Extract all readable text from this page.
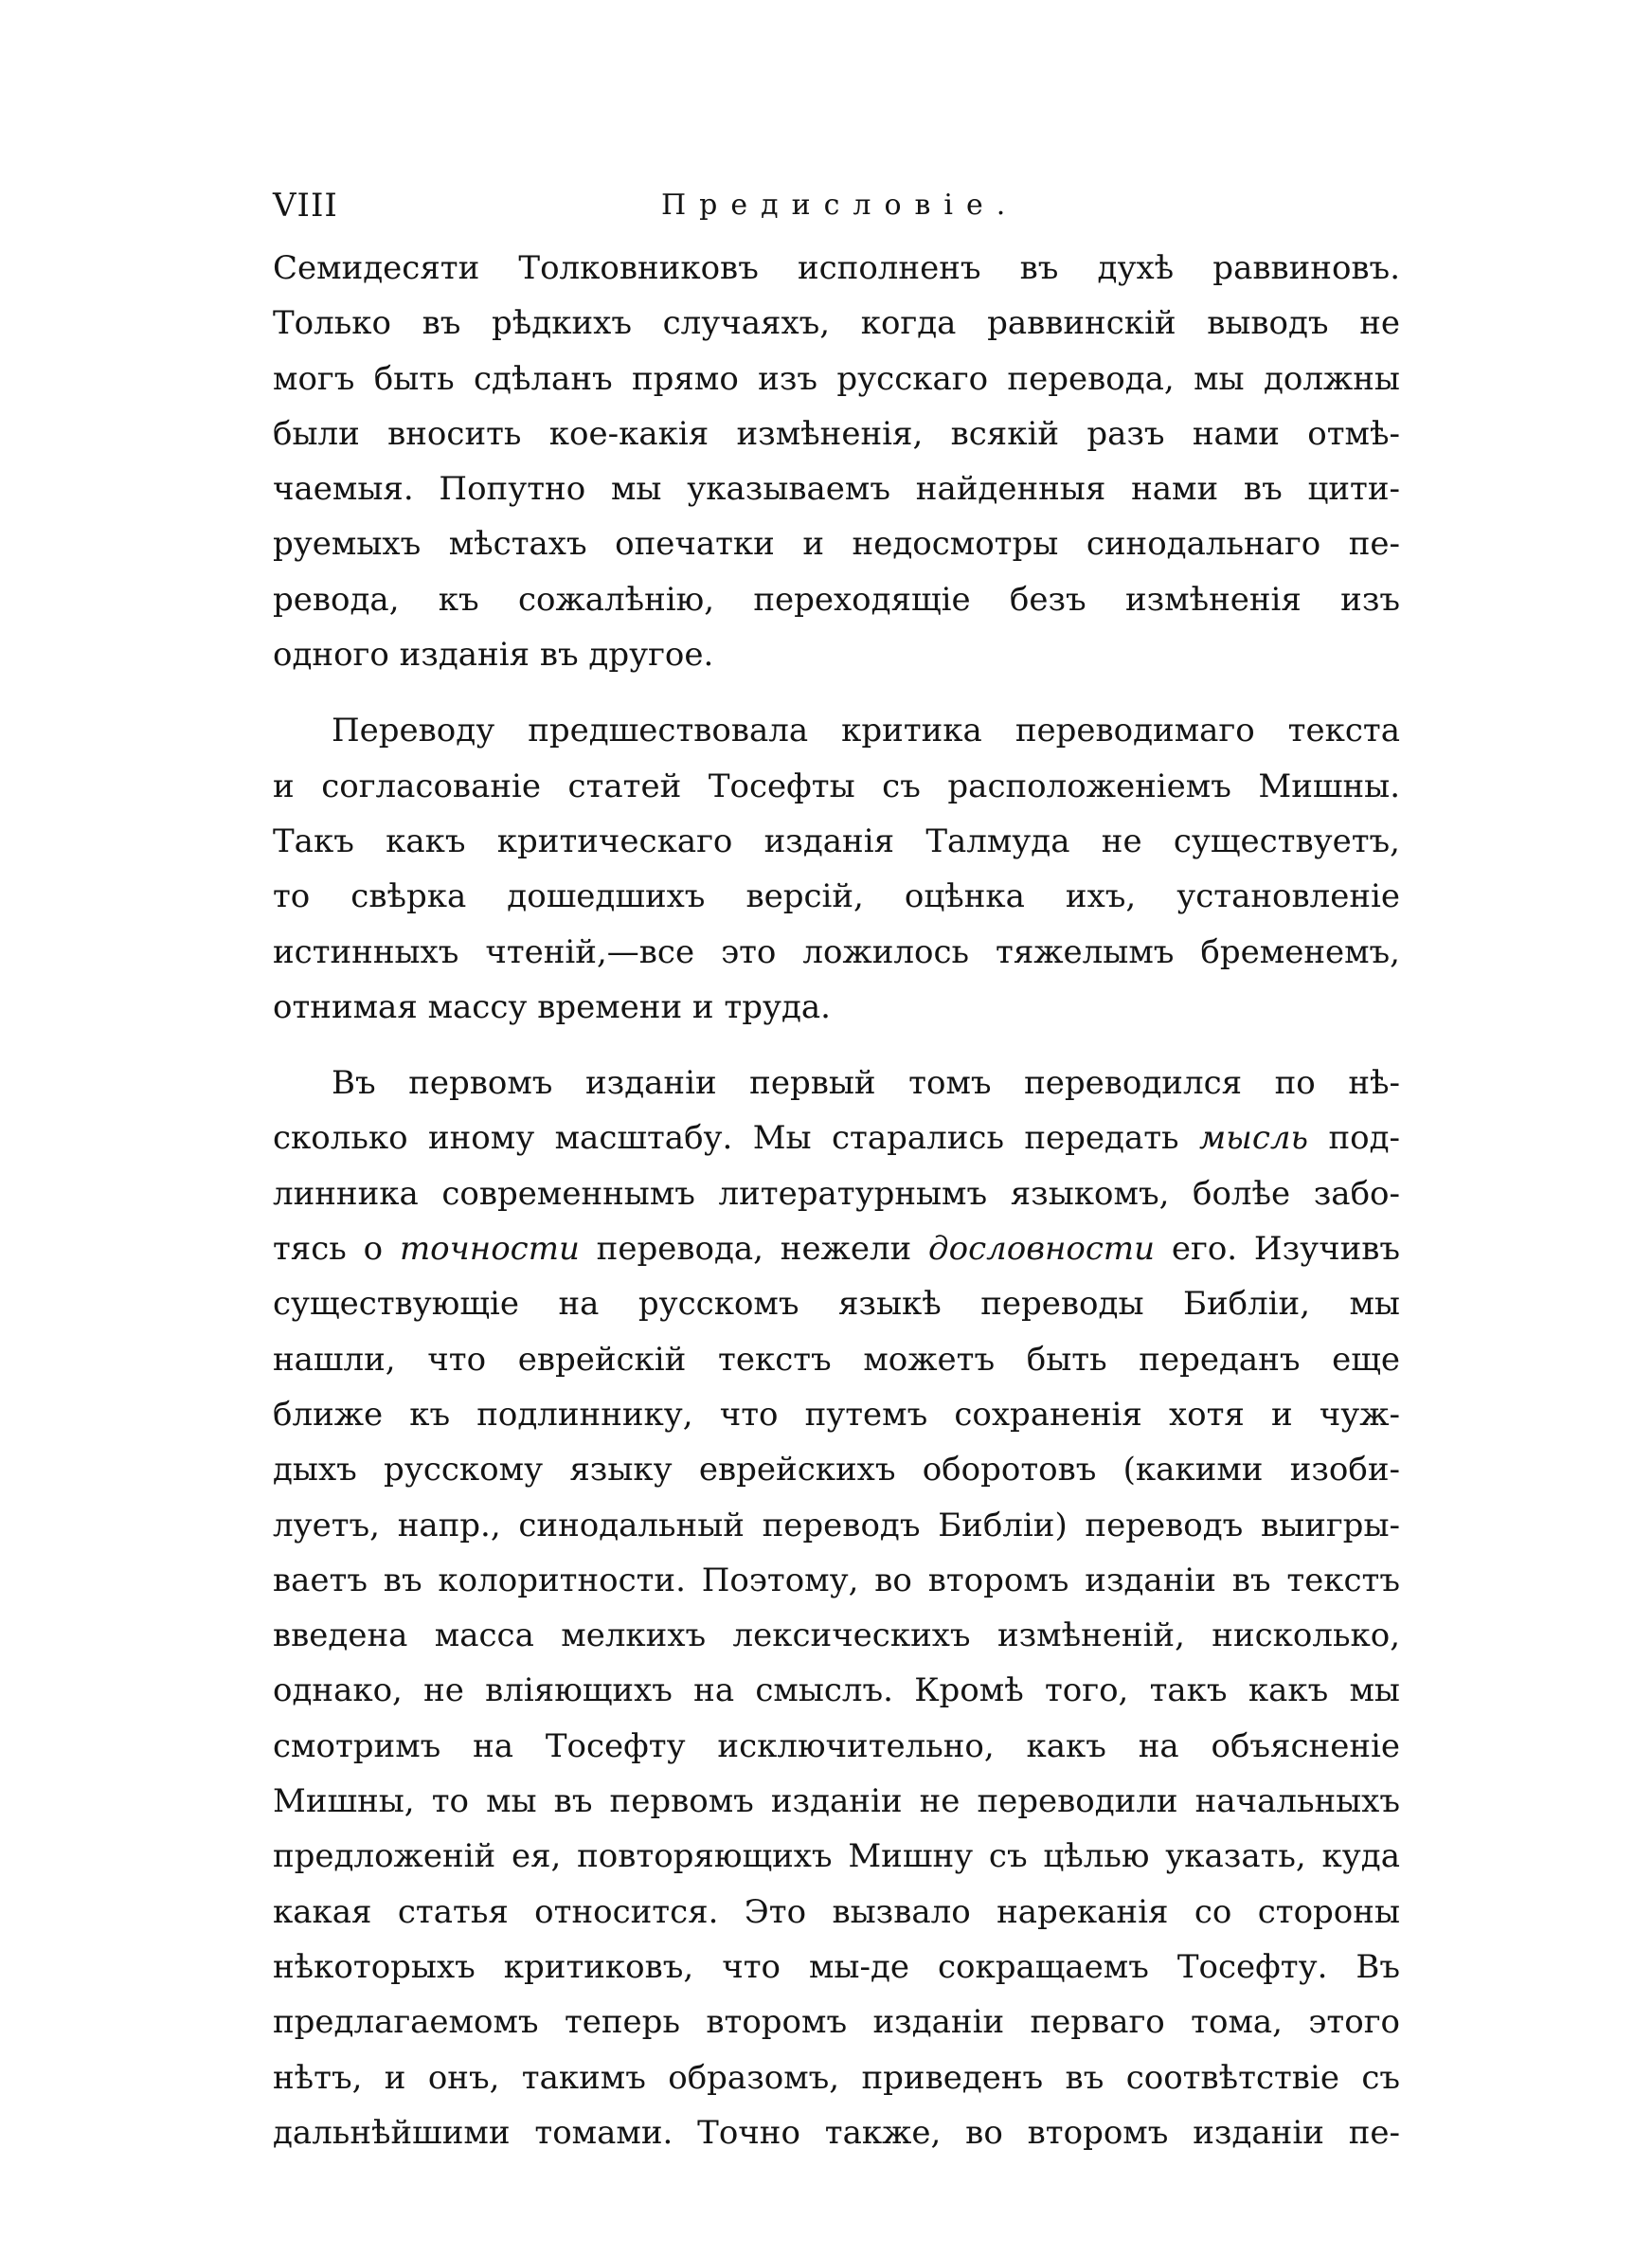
VIII	Предисловiе.
Семидесяти Толковниковъ исполненъ въ духѣ раввиновъ.
Только въ рѣдкихъ случаяхъ, когда раввинскiй выводъ не
могъ быть сдѣланъ прямо изъ русскаго перевода, мы должны
были вносить кое-какiя измѣненiя, всякiй разъ нами отмѣ-
чаемыя. Попутно мы указываемъ найденныя нами въ цити-
руемыхъ мѣстахъ опечатки и недосмотры синодальнаго пе-
ревода, къ сожалѣнiю, переходящiе безъ измѣненiя изъ
одного изданiя въ другое.
Переводу предшествовала критика переводимаго текста
и согласованiе статей Тосефты съ расположенiемъ Мишны.
Такъ какъ критическаго изданiя Талмуда не существуетъ,
то свѣрка дошедшихъ версiй, оцѣнка ихъ, установленiе
истинныхъ чтенiй,—все это ложилось тяжелымъ бременемъ,
отнимая массу времени и труда.
Въ первомъ изданiи первый томъ переводился по нѣ-
сколько иному масштабу. Мы старались передать мысль под-
линника современнымъ литературнымъ языкомъ, болѣе забо-
тясь о точности перевода, нежели дословности его. Изучивъ
существующiе на русскомъ языкѣ переводы Библiи, мы
нашли, что еврейскiй текстъ можетъ быть переданъ еще
ближе къ подлиннику, что путемъ сохраненiя хотя и чуж-
дыхъ русскому языку еврейскихъ оборотовъ (какими изоби-
луетъ, напр., синодальный переводъ Библiи) переводъ выигры-
ваетъ въ колоритности. Поэтому, во второмъ изданiи въ текстъ
введена масса мелкихъ лексическихъ измѣненiй, нисколько,
однако, не влiяющихъ на смыслъ. Кромѣ того, такъ какъ мы
смотримъ на Тосефту исключительно, какъ на объясненiе
Мишны, то мы въ первомъ изданiи не переводили начальныхъ
предложенiй ея, повторяющихъ Мишну съ цѣлью указать, куда
какая статья относится. Это вызвало нареканiя со стороны
нѣкоторыхъ критиковъ, что мы-де сокращаемъ Тосефту. Въ
предлагаемомъ теперь второмъ изданiи перваго тома, этого
нѣтъ, и онъ, такимъ образомъ, приведенъ въ соотвѣтствiе съ
дальнѣйшими томами. Точно также, во второмъ изданiи пе-
